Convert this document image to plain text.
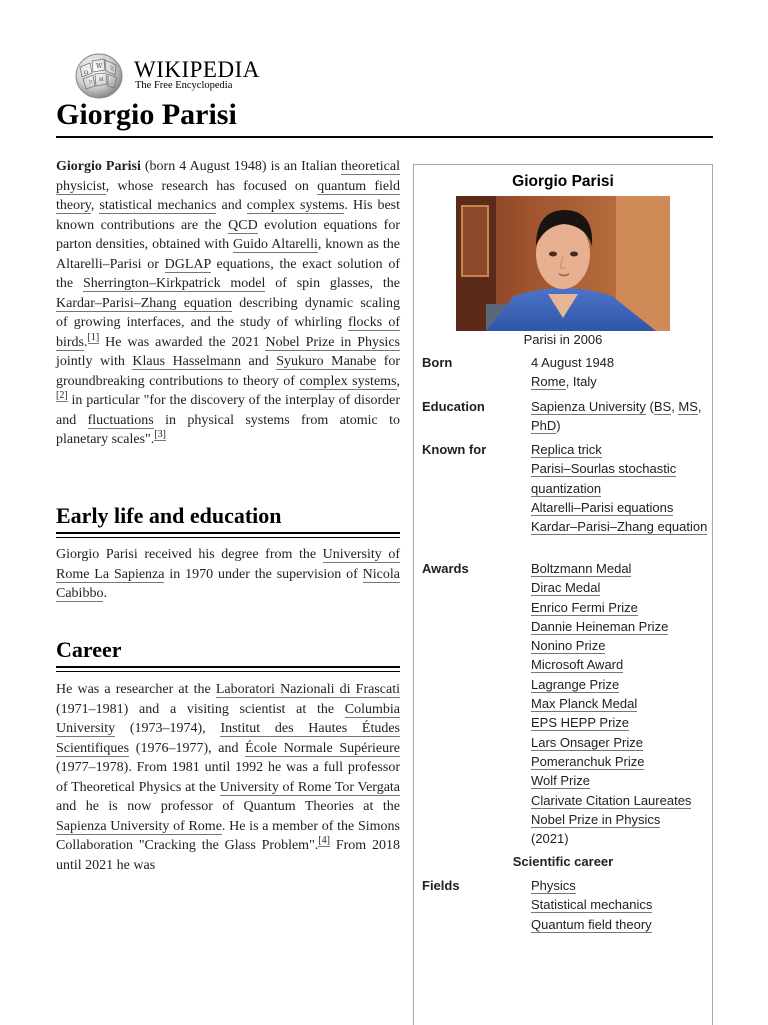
W
Ω
И
文
ワ
WIKIPEDIA
The Free Encyclopedia
Giorgio Parisi

Giorgio Parisi (born 4 August 1948) is an Italian theoretical physicist, whose research has focused on quantum field theory, statistical mechanics and complex systems. His best known contributions are the QCD evolution equations for parton densities, obtained with Guido Altarelli, known as the Altarelli–Parisi or DGLAP equations, the exact solution of the Sherrington–Kirkpatrick model of spin glasses, the Kardar–Parisi–Zhang equation describing dynamic scaling of growing interfaces, and the study of whirling flocks of birds.[1] He was awarded the 2021 Nobel Prize in Physics jointly with Klaus Hasselmann and Syukuro Manabe for groundbreaking contributions to theory of complex systems,[2] in particular "for the discovery of the interplay of disorder and fluctuations in physical systems from atomic to planetary scales".[3]

Early life and education

Giorgio Parisi received his degree from the University of Rome La Sapienza in 1970 under the supervision of Nicola Cabibbo.

Career

He was a researcher at the Laboratori Nazionali di Frascati (1971–1981) and a visiting scientist at the Columbia University (1973–1974), Institut des Hautes Études Scientifiques (1976–1977), and École Normale Supérieure (1977–1978). From 1981 until 1992 he was a full professor of Theoretical Physics at the University of Rome Tor Vergata and he is now professor of Quantum Theories at the Sapienza University of Rome. He is a member of the Simons Collaboration "Cracking the Glass Problem".[4] From 2018 until 2021 he was

Giorgio Parisi
Parisi in 2006
Born	4 August 1948
Rome, Italy
Education	Sapienza University (BS, MS, PhD)
Known for	Replica trick
Parisi–Sourlas stochastic quantization
Altarelli–Parisi equations
Kardar–Parisi–Zhang equation
Awards	Boltzmann Medal
Dirac Medal
Enrico Fermi Prize
Dannie Heineman Prize
Nonino Prize
Microsoft Award
Lagrange Prize
Max Planck Medal
EPS HEPP Prize
Lars Onsager Prize
Pomeranchuk Prize
Wolf Prize
Clarivate Citation Laureates
Nobel Prize in Physics
(2021)
Scientific career
Fields	Physics
Statistical mechanics
Quantum field theory
